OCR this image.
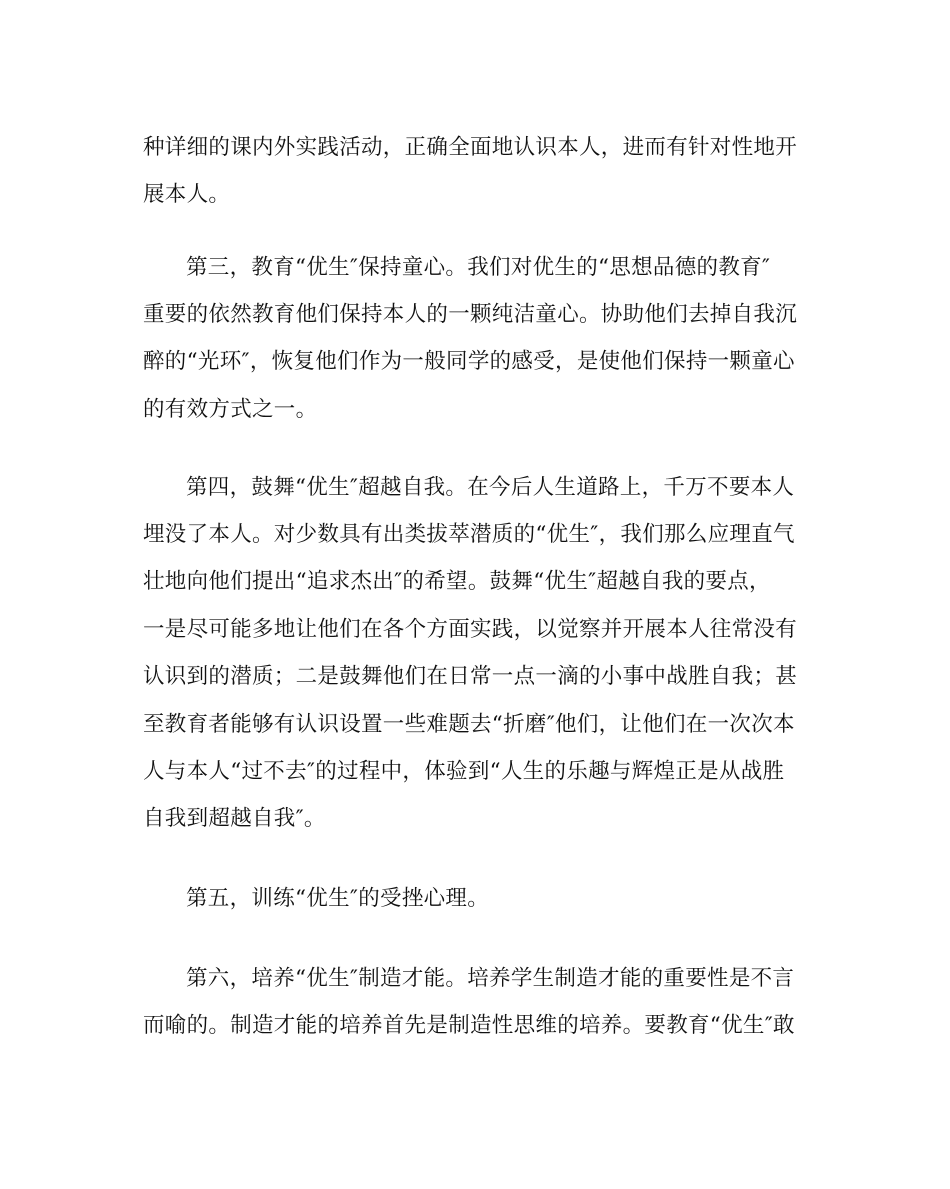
种详细的课内外实践活动，正确全面地认识本人，进而有针对性地开
展本人。
第三，教育“优生″保持童心。我们对优生的“思想品德的教育″
重要的依然教育他们保持本人的一颗纯洁童心。协助他们去掉自我沉
醉的“光环″，恢复他们作为一般同学的感受，是使他们保持一颗童心
的有效方式之一。
第四，鼓舞“优生″超越自我。在今后人生道路上，千万不要本人
埋没了本人。对少数具有出类拔萃潜质的“优生″，我们那么应理直气
壮地向他们提出“追求杰出″的希望。鼓舞“优生″超越自我的要点，
一是尽可能多地让他们在各个方面实践，以觉察并开展本人往常没有
认识到的潜质；二是鼓舞他们在日常一点一滴的小事中战胜自我；甚
至教育者能够有认识设置一些难题去“折磨″他们，让他们在一次次本
人与本人“过不去″的过程中，体验到“人生的乐趣与辉煌正是从战胜
自我到超越自我″。
第五，训练“优生″的受挫心理。
第六，培养“优生″制造才能。培养学生制造才能的重要性是不言
而喻的。制造才能的培养首先是制造性思维的培养。要教育“优生″敢
